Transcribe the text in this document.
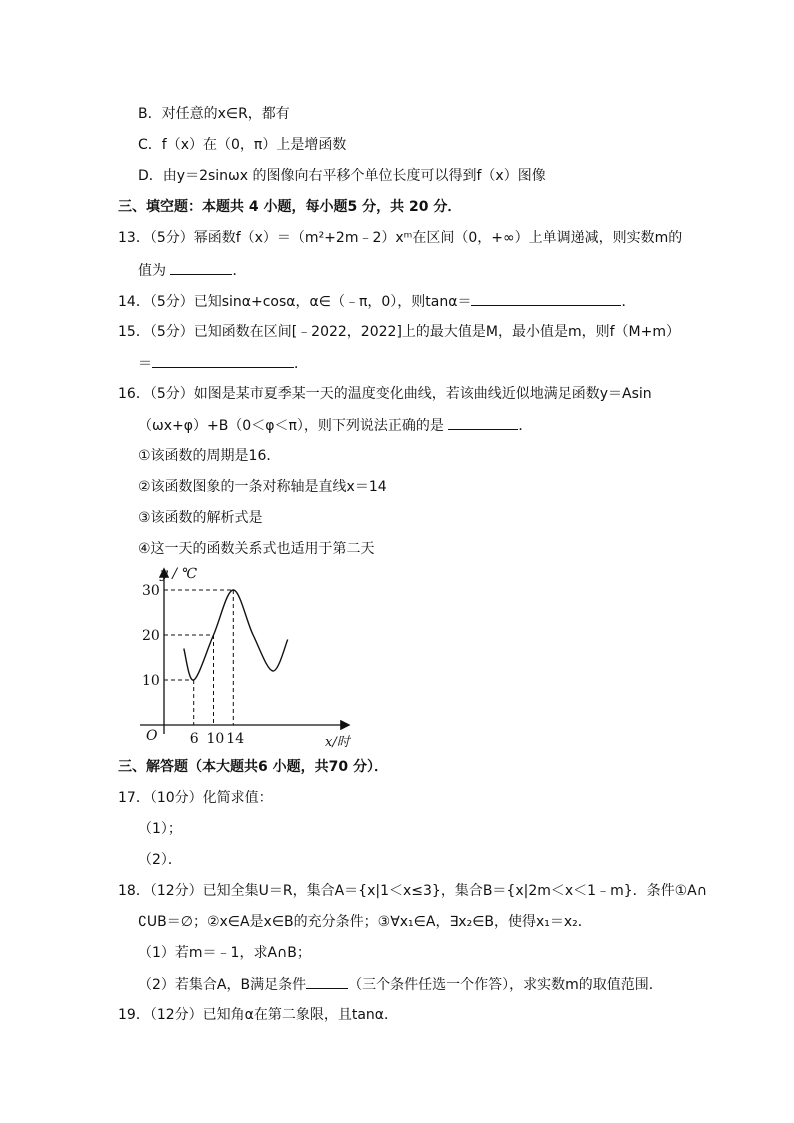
B．对任意的x∈R，都有
C．f（x）在（0，π）上是增函数
D．由y＝2sinωx 的图像向右平移个单位长度可以得到f（x）图像
三、填空题：本题共 4 小题，每小题5 分，共 20 分．
13．（5分）幂函数f（x）＝（m²+2m﹣2）xᵐ在区间（0，+∞）上单调递减，则实数m的
值为	．
14．（5分）已知sinα+cosα，α∈（﹣π，0），则tanα＝	．
15．（5分）已知函数在区间[﹣2022，2022]上的最大值是M，最小值是m，则f（M+m）
＝	．
16．（5分）如图是某市夏季某一天的温度变化曲线，若该曲线近似地满足函数y＝Asin
（ωx+φ）+B（0＜φ＜π），则下列说法正确的是	．
①该函数的周期是16．
②该函数图象的一条对称轴是直线x＝14
③该函数的解析式是
④这一天的函数关系式也适用于第二天
y / ℃
x/时
O
10
20
30
6 10 14
三、解答题（本大题共6 小题，共70 分）．
17．（10分）化简求值：
（1）；
（2）．
18．（12分）已知全集U＝R，集合A＝{x|1＜x≤3}，集合B＝{x|2m＜x＜1﹣m}．条件①A∩
∁UB＝∅；②x∈A是x∈B的充分条件；③∀x₁∈A，∃x₂∈B，使得x₁＝x₂．
（1）若m＝﹣1，求A∩B；
（2）若集合A，B满足条件	（三个条件任选一个作答），求实数m的取值范围．
19．（12分）已知角α在第二象限，且tanα．
